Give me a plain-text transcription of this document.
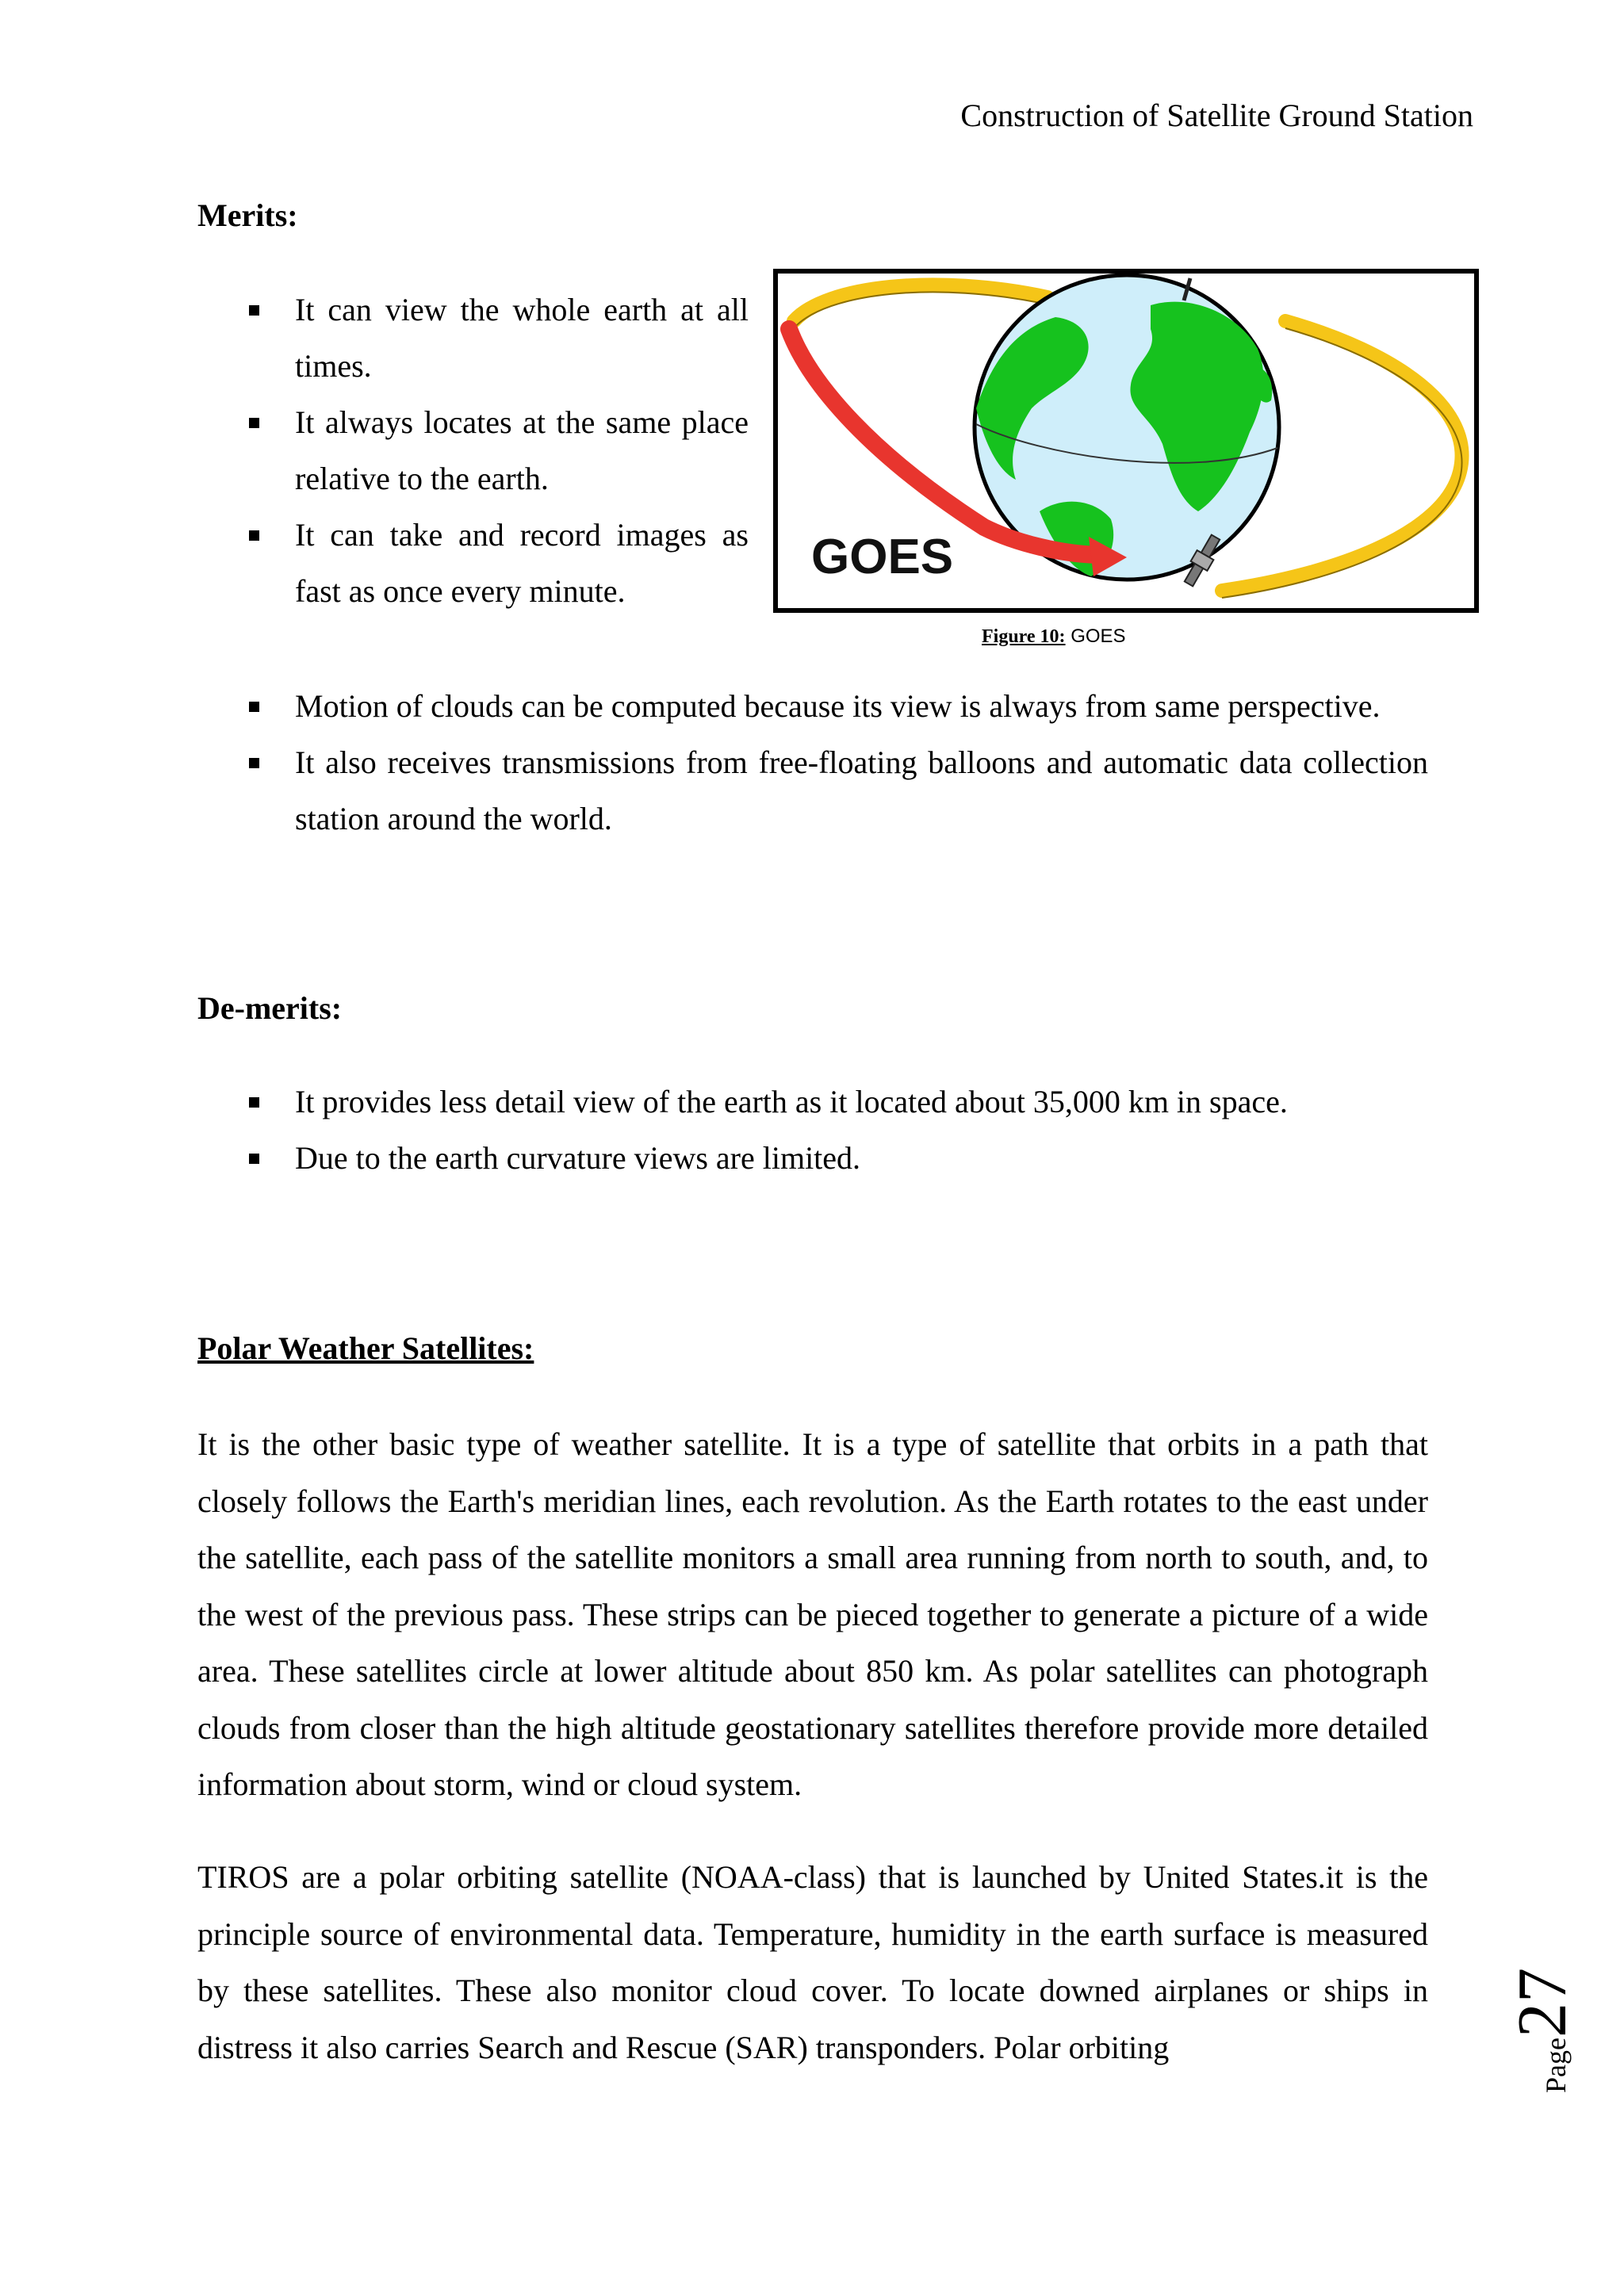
Construction of Satellite Ground Station
Merits:
It can view the whole earth at all
times.
It always locates at the same place
relative to the earth.
It can take and record images as
fast as once every minute.
GOES
Figure 10: GOES
Motion of clouds can be computed because its view is always from same perspective.
It also receives transmissions from free-floating balloons and automatic data collection station around the world.
De-merits:
It provides less detail view of the earth as it located about 35,000 km in space.
Due to the earth curvature views are limited.
Polar Weather Satellites:

It is the other basic type of weather satellite. It is a type of satellite that orbits in a path that closely follows the Earth's meridian lines, each revolution. As the Earth rotates to the east under the satellite, each pass of the satellite monitors a small area running from north to south, and, to the west of the previous pass. These strips can be pieced together to generate a picture of a wide area. These satellites circle at lower altitude about 850 km. As polar satellites can photograph clouds from closer than the high altitude geostationary satellites therefore provide more detailed information about storm, wind or cloud system.

TIROS are a polar orbiting satellite (NOAA-class) that is launched by United States.it is the principle source of environmental data. Temperature, humidity in the earth surface is measured by these satellites. These also monitor cloud cover. To locate downed airplanes or ships in distress it also carries Search and Rescue (SAR) transponders. Polar orbiting	Page27
